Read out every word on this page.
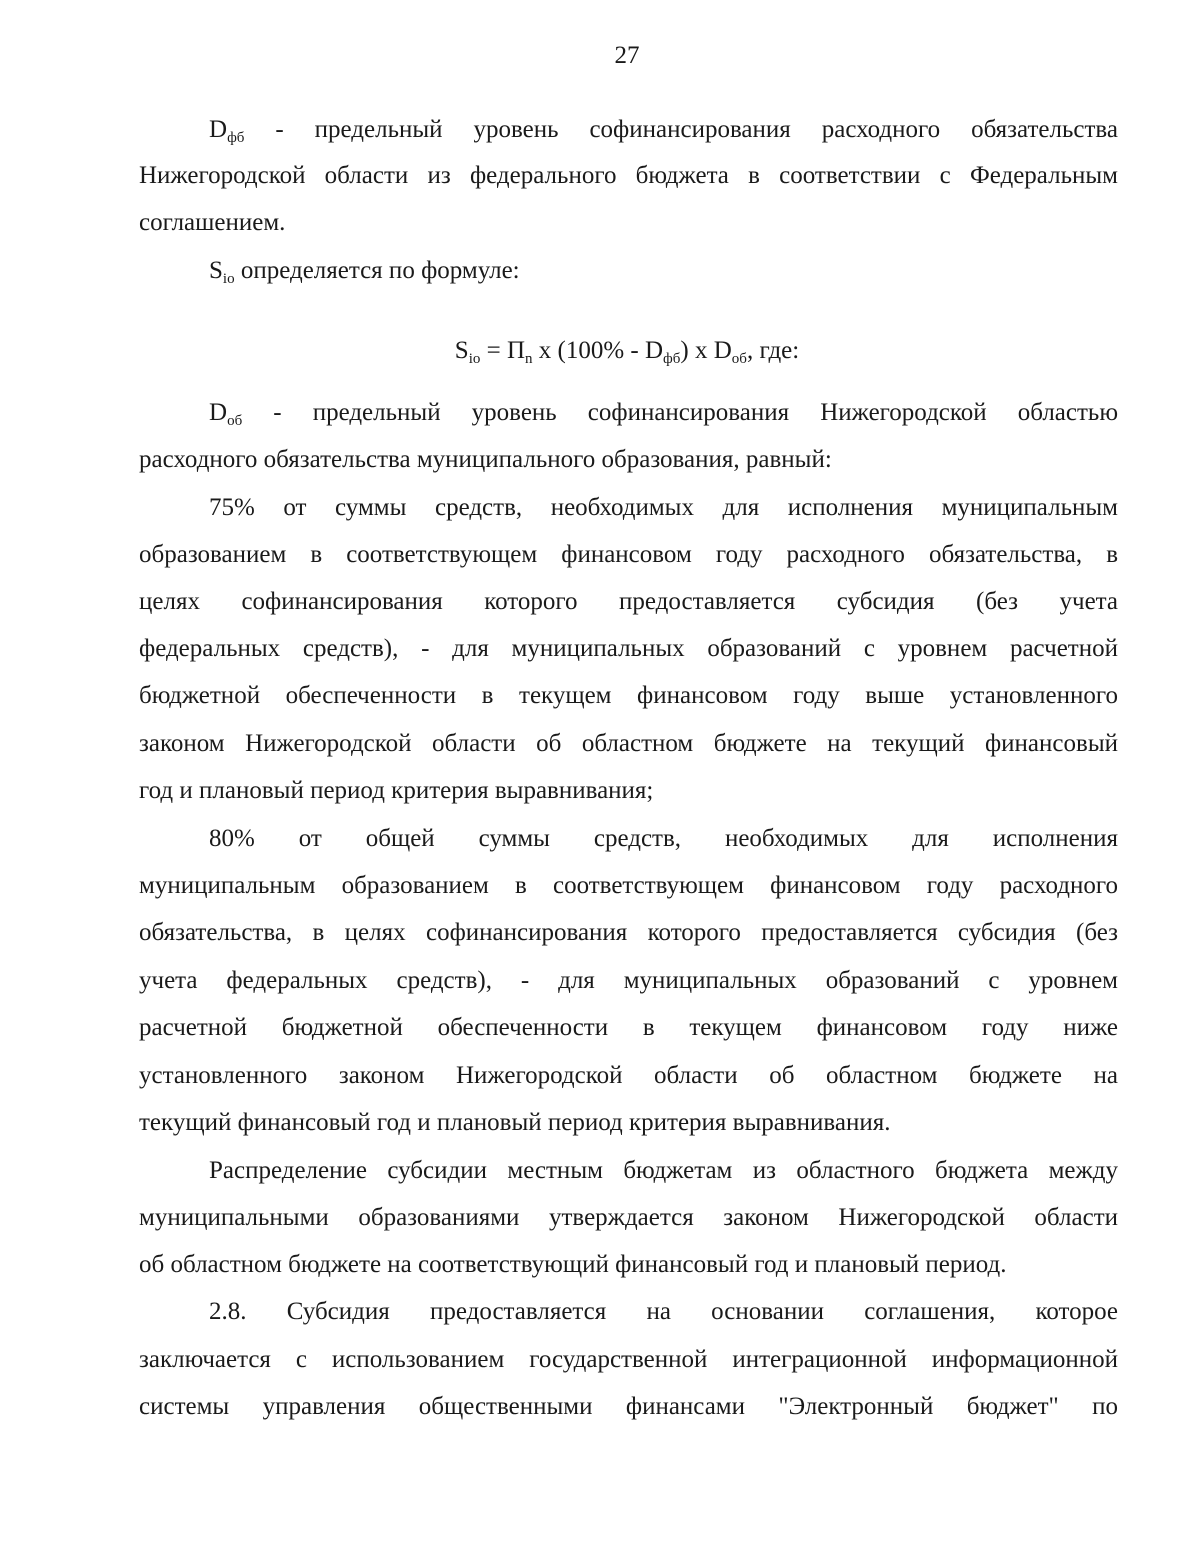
27
$D_{фб}$ - предельный уровень софинансирования расходного обязательства
Нижегородской области из федерального бюджета в соответствии с Федеральным
соглашением.
$S_{io}$ определяется по формуле:
$S_{io} = П_n$ x $(100\% - D_{фб})$ x $D_{об}$, где:
$D_{об}$ - предельный уровень софинансирования Нижегородской областью
расходного обязательства муниципального образования, равный:
75% от суммы средств, необходимых для исполнения муниципальным
образованием в соответствующем финансовом году расходного обязательства, в
целях софинансирования которого предоставляется субсидия (без учета
федеральных средств), - для муниципальных образований с уровнем расчетной
бюджетной обеспеченности в текущем финансовом году выше установленного
законом Нижегородской области об областном бюджете на текущий финансовый
год и плановый период критерия выравнивания;
80% от общей суммы средств, необходимых для исполнения
муниципальным образованием в соответствующем финансовом году расходного
обязательства, в целях софинансирования которого предоставляется субсидия (без
учета федеральных средств), - для муниципальных образований с уровнем
расчетной бюджетной обеспеченности в текущем финансовом году ниже
установленного законом Нижегородской области об областном бюджете на
текущий финансовый год и плановый период критерия выравнивания.
Распределение субсидии местным бюджетам из областного бюджета между
муниципальными образованиями утверждается законом Нижегородской области
об областном бюджете на соответствующий финансовый год и плановый период.
2.8. Субсидия предоставляется на основании соглашения, которое
заключается с использованием государственной интеграционной информационной
системы управления общественными финансами "Электронный бюджет" по
